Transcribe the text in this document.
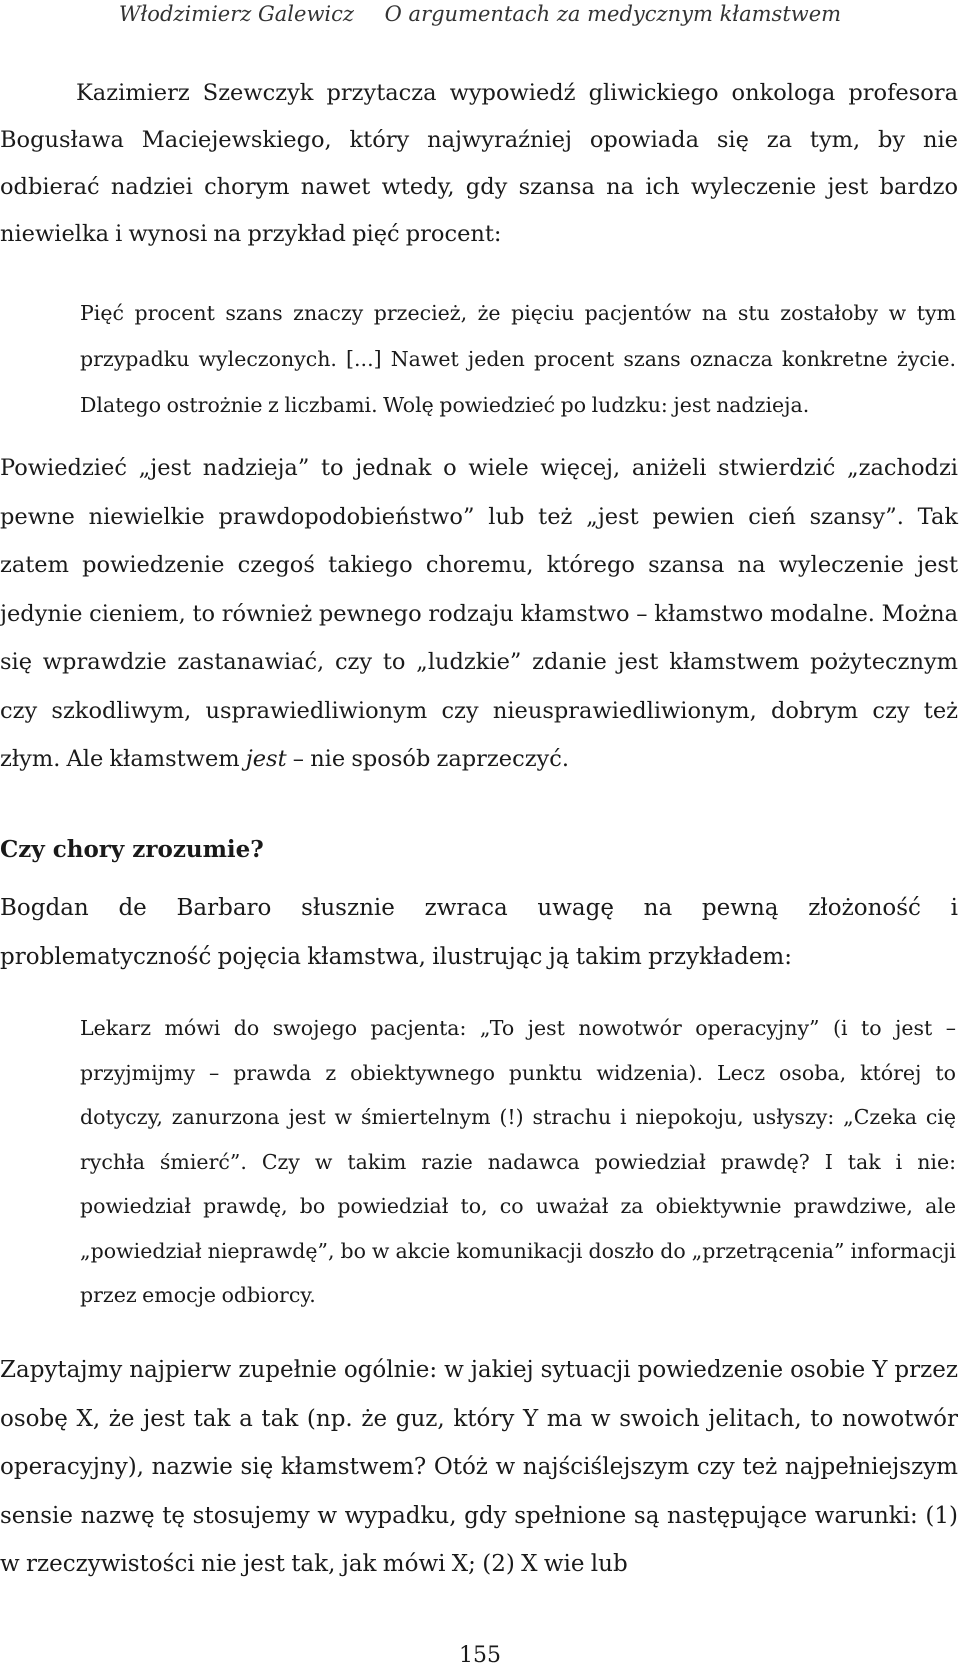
Włodzimierz Galewicz O argumentach za medycznym kłamstwem

Kazimierz Szewczyk przytacza wypowiedź gliwickiego onkologa profesora Bogusława Maciejewskiego, który najwyraźniej opowiada się za tym, by nie odbierać nadziei chorym nawet wtedy, gdy szansa na ich wyleczenie jest bardzo niewielka i wynosi na przykład pięć procent:

Pięć procent szans znaczy przecież, że pięciu pacjentów na stu zostałoby w tym przypadku wyleczonych. [...] Nawet jeden procent szans oznacza konkretne życie. Dlatego ostrożnie z liczbami. Wolę powiedzieć po ludzku: jest nadzieja.

Powiedzieć „jest nadzieja” to jednak o wiele więcej, aniżeli stwierdzić „zachodzi pewne niewielkie prawdopodobieństwo” lub też „jest pewien cień szansy”. Tak zatem powiedzenie czegoś takiego choremu, którego szansa na wyleczenie jest jedynie cieniem, to również pewnego rodzaju kłamstwo – kłamstwo modalne. Można się wprawdzie zastanawiać, czy to „ludzkie” zdanie jest kłamstwem pożytecznym czy szkodliwym, usprawiedliwionym czy nieusprawiedliwionym, dobrym czy też złym. Ale kłamstwem jest – nie sposób zaprzeczyć.

Czy chory zrozumie?

Bogdan de Barbaro słusznie zwraca uwagę na pewną złożoność i problematyczność pojęcia kłamstwa, ilustrując ją takim przykładem:

Lekarz mówi do swojego pacjenta: „To jest nowotwór operacyjny” (i to jest – przyjmijmy – prawda z obiektywnego punktu widzenia). Lecz osoba, której to dotyczy, zanurzona jest w śmiertelnym (!) strachu i niepokoju, usłyszy: „Czeka cię rychła śmierć”. Czy w takim razie nadawca powiedział prawdę? I tak i nie: powiedział prawdę, bo powiedział to, co uważał za obiektywnie prawdziwe, ale „powiedział nieprawdę”, bo w akcie komunikacji doszło do „przetrącenia” informacji przez emocje odbiorcy.

Zapytajmy najpierw zupełnie ogólnie: w jakiej sytuacji powiedzenie osobie Y przez osobę X, że jest tak a tak (np. że guz, który Y ma w swoich jelitach, to nowotwór operacyjny), nazwie się kłamstwem? Otóż w najściślejszym czy też najpełniejszym sensie nazwę tę stosujemy w wypadku, gdy spełnione są następujące warunki: (1) w rzeczywistości nie jest tak, jak mówi X; (2) X wie lub

155
